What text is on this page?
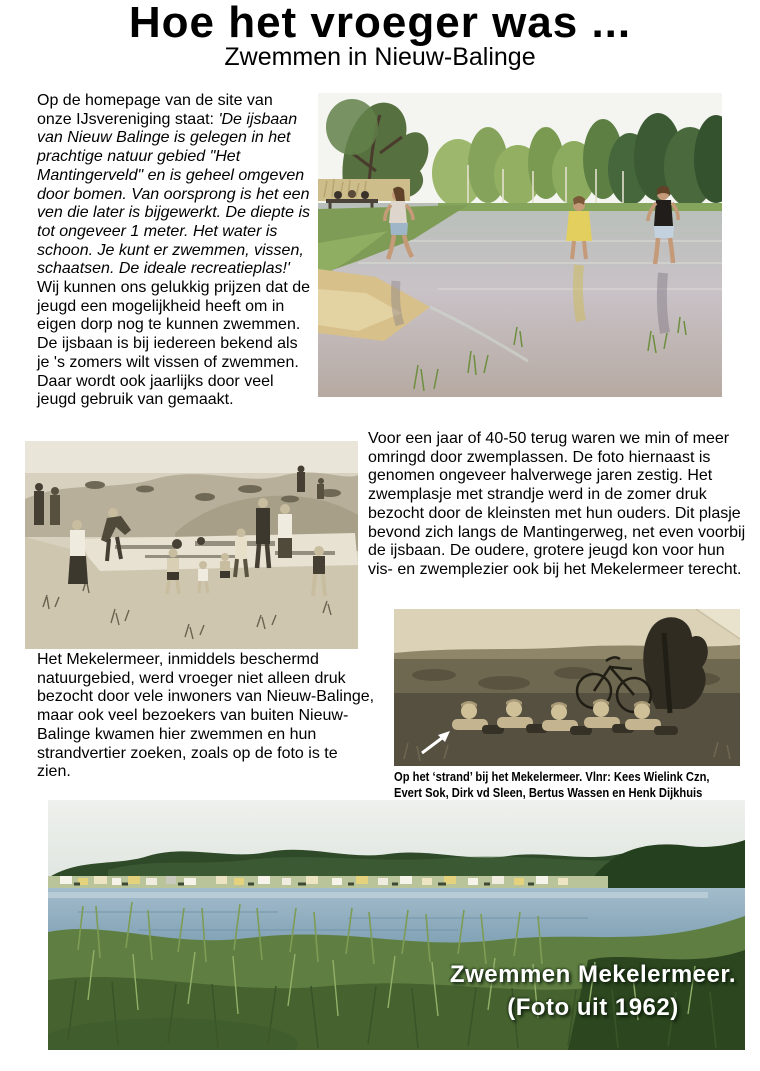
Hoe het vroeger was ...
Zwemmen in Nieuw-Balinge
Op de homepage van de site van onze IJsvereniging staat: 'De ijsbaan van Nieuw Balinge is gelegen in het prachtige natuur gebied "Het Mantingerveld" en is geheel omgeven door bomen. Van oorsprong is het een ven die later is bijgewerkt. De diepte is tot ongeveer 1 meter. Het water is schoon. Je kunt er zwemmen, vissen, schaatsen. De ideale recreatieplas!'
Wij kunnen ons gelukkig prijzen dat de jeugd een mogelijkheid heeft om in eigen dorp nog te kunnen zwemmen. De ijsbaan is bij iedereen bekend als je 's zomers wilt vissen of zwemmen. Daar wordt ook jaarlijks door veel jeugd gebruik van gemaakt.
Voor een jaar of 40-50 terug waren we min of meer omringd door zwemplassen. De foto hiernaast is genomen ongeveer halverwege jaren zestig. Het zwemplasje met strandje werd in de zomer druk bezocht door de kleinsten met hun ouders. Dit plasje bevond zich langs de Mantingerweg, net even voorbij de ijsbaan. De oudere, grotere jeugd kon voor hun vis- en zwemplezier ook bij het Mekelermeer terecht.
Het Mekelermeer, inmiddels beschermd natuurgebied, werd vroeger niet alleen druk bezocht door vele inwoners van Nieuw-Balinge, maar ook veel bezoekers van buiten Nieuw-Balinge kwamen hier zwemmen en hun strandvertier zoeken, zoals op de foto is te zien.	Op het ‘strand’ bij het Mekelermeer. Vlnr: Kees Wielink Czn,
Evert Sok, Dirk vd Sleen, Bertus Wassen en Henk Dijkhuis
Zwemmen Mekelermeer.
(Foto uit 1962)
